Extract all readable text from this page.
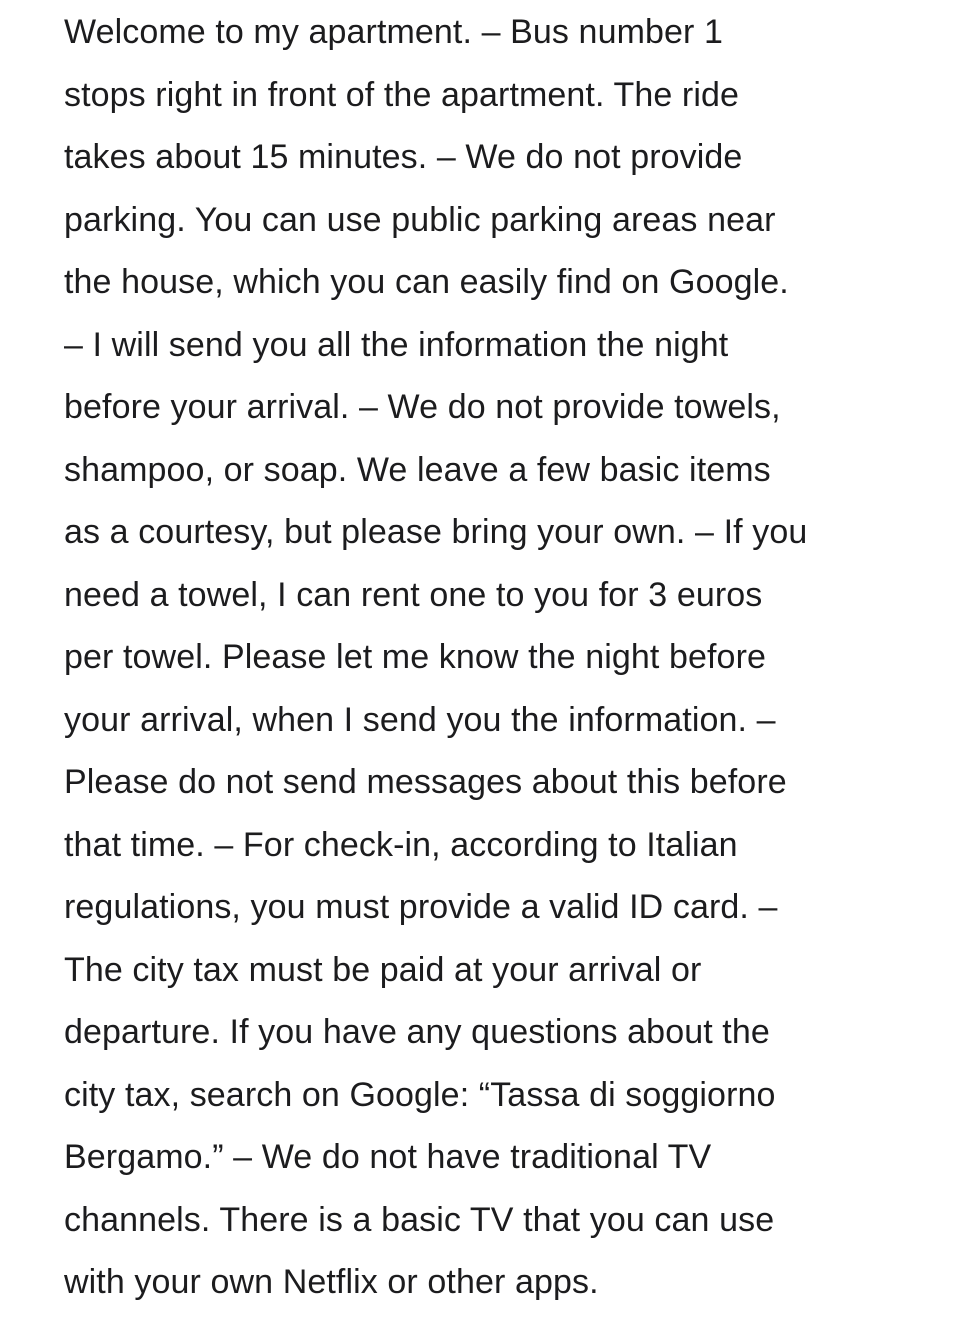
Welcome to my apartment. – Bus number 1
stops right in front of the apartment. The ride
takes about 15 minutes. – We do not provide
parking. You can use public parking areas near
the house, which you can easily find on Google.
– I will send you all the information the night
before your arrival. – We do not provide towels,
shampoo, or soap. We leave a few basic items
as a courtesy, but please bring your own. – If you
need a towel, I can rent one to you for 3 euros
per towel. Please let me know the night before
your arrival, when I send you the information. –
Please do not send messages about this before
that time. – For check-in, according to Italian
regulations, you must provide a valid ID card. –
The city tax must be paid at your arrival or
departure. If you have any questions about the
city tax, search on Google: “Tassa di soggiorno
Bergamo.” – We do not have traditional TV
channels. There is a basic TV that you can use
with your own Netflix or other apps.
